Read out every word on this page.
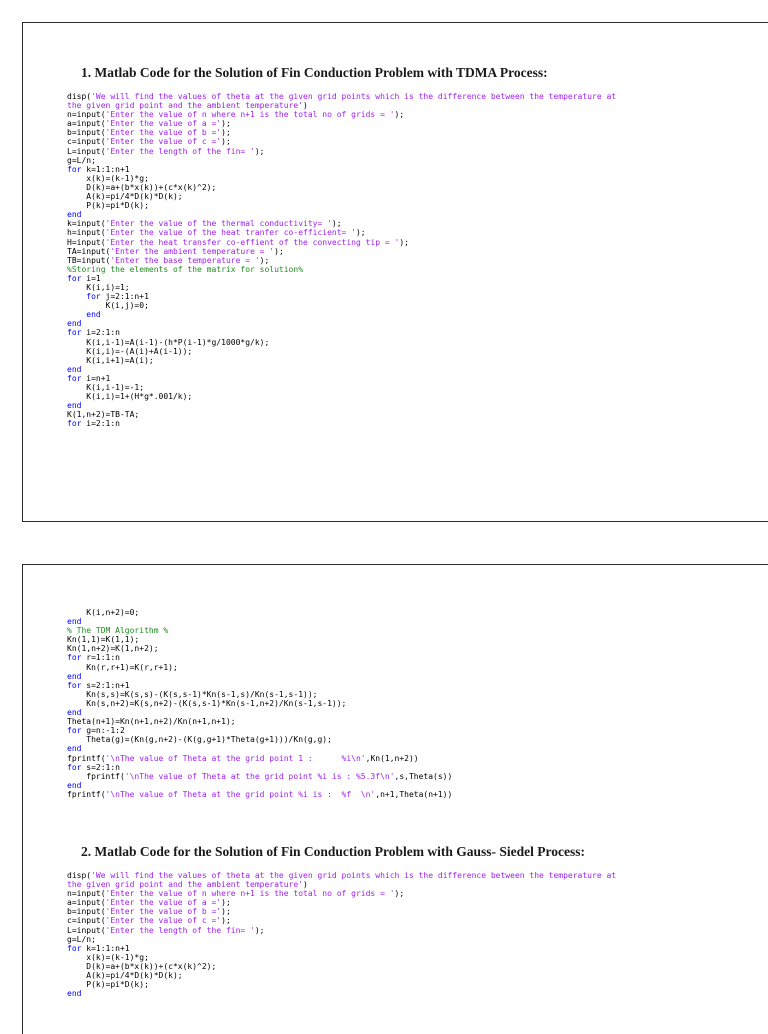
1. Matlab Code for the Solution of Fin Conduction Problem with TDMA Process:
disp('We will find the values of theta at the given grid points which is the difference between the temperature at
the given grid point and the ambient temperature')
n=input('Enter the value of n where n+1 is the total no of grids = ');
a=input('Enter the value of a =');
b=input('Enter the value of b =');
c=input('Enter the value of c =');
L=input('Enter the length of the fin= ');
g=L/n;
for k=1:1:n+1
x(k)=(k-1)*g;
D(k)=a+(b*x(k))+(c*x(k)^2);
A(k)=pi/4*D(k)*D(k);
P(k)=pi*D(k);
end
k=input('Enter the value of the thermal conductivity= ');
h=input('Enter the value of the heat tranfer co-efficient= ');
H=input('Enter the heat transfer co-effient of the convecting tip = ');
TA=input('Enter the ambient temperature = ');
TB=input('Enter the base temperature = ');
%Storing the elements of the matrix for solution%
for i=1
K(i,i)=1;
for j=2:1:n+1
K(i,j)=0;
end
end
for i=2:1:n
K(i,i-1)=A(i-1)-(h*P(i-1)*g/1000*g/k);
K(i,i)=-(A(i)+A(i-1));
K(i,i+1)=A(i);
end
for i=n+1
K(i,i-1)=-1;
K(i,i)=1+(H*g*.001/k);
end
K(1,n+2)=TB-TA;
for i=2:1:n
K(i,n+2)=0;
end
% The TDM Algorithm %
Kn(1,1)=K(1,1);
Kn(1,n+2)=K(1,n+2);
for r=1:1:n
Kn(r,r+1)=K(r,r+1);
end
for s=2:1:n+1
Kn(s,s)=K(s,s)-(K(s,s-1)*Kn(s-1,s)/Kn(s-1,s-1));
Kn(s,n+2)=K(s,n+2)-(K(s,s-1)*Kn(s-1,n+2)/Kn(s-1,s-1));
end
Theta(n+1)=Kn(n+1,n+2)/Kn(n+1,n+1);
for g=n:-1:2
Theta(g)=(Kn(g,n+2)-(K(g,g+1)*Theta(g+1)))/Kn(g,g);
end
fprintf('\nThe value of Theta at the grid point 1 :      %i\n',Kn(1,n+2))
for s=2:1:n
fprintf('\nThe value of Theta at the grid point %i is : %5.3f\n',s,Theta(s))
end
fprintf('\nThe value of Theta at the grid point %i is :  %f  \n',n+1,Theta(n+1))
2. Matlab Code for the Solution of Fin Conduction Problem with Gauss- Siedel Process:
disp('We will find the values of theta at the given grid points which is the difference between the temperature at
the given grid point and the ambient temperature')
n=input('Enter the value of n where n+1 is the total no of grids = ');
a=input('Enter the value of a =');
b=input('Enter the value of b =');
c=input('Enter the value of c =');
L=input('Enter the length of the fin= ');
g=L/n;
for k=1:1:n+1
x(k)=(k-1)*g;
D(k)=a+(b*x(k))+(c*x(k)^2);
A(k)=pi/4*D(k)*D(k);
P(k)=pi*D(k);
end
